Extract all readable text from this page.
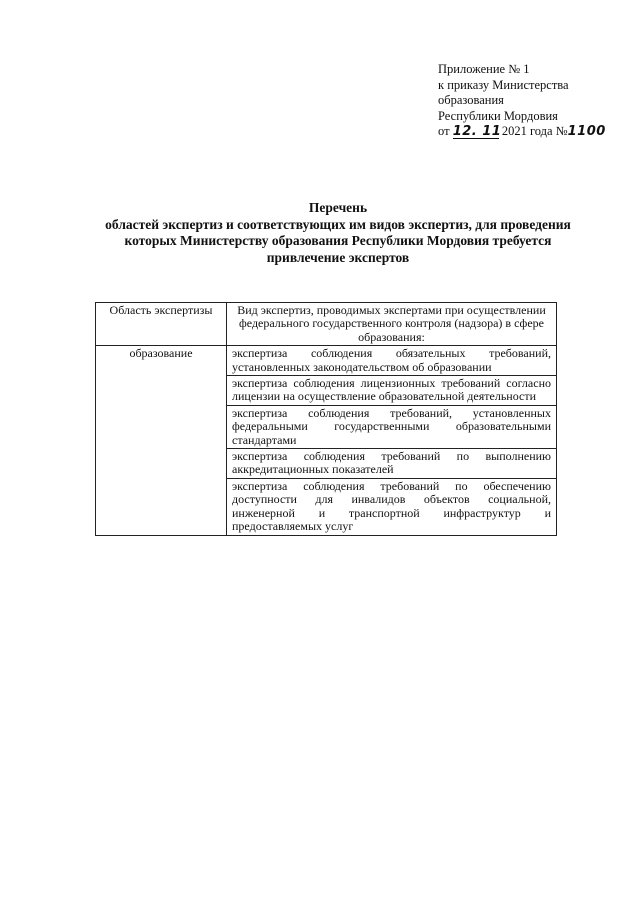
Приложение № 1
к приказу Министерства
образования
Республики Мордовия
от 12. 11 2021 года №1100
Перечень
областей экспертиз и соответствующих им видов экспертиз, для проведения которых Министерству образования Республики Мордовия требуется привлечение экспертов
Область экспертизы	Вид экспертиз, проводимых экспертами при осуществлении федерального государственного контроля (надзора) в сфере образования:
образование	экспертиза соблюдения обязательных требований, установленных законодательством об образовании
	экспертиза соблюдения лицензионных требований согласно лицензии на осуществление образовательной деятельности
	экспертиза соблюдения требований, установленных федеральными государственными образовательными стандартами
	экспертиза соблюдения требований по выполнению аккредитационных показателей
	экспертиза соблюдения требований по обеспечению доступности для инвалидов объектов социальной, инженерной и транспортной инфраструктур и предоставляемых услуг
